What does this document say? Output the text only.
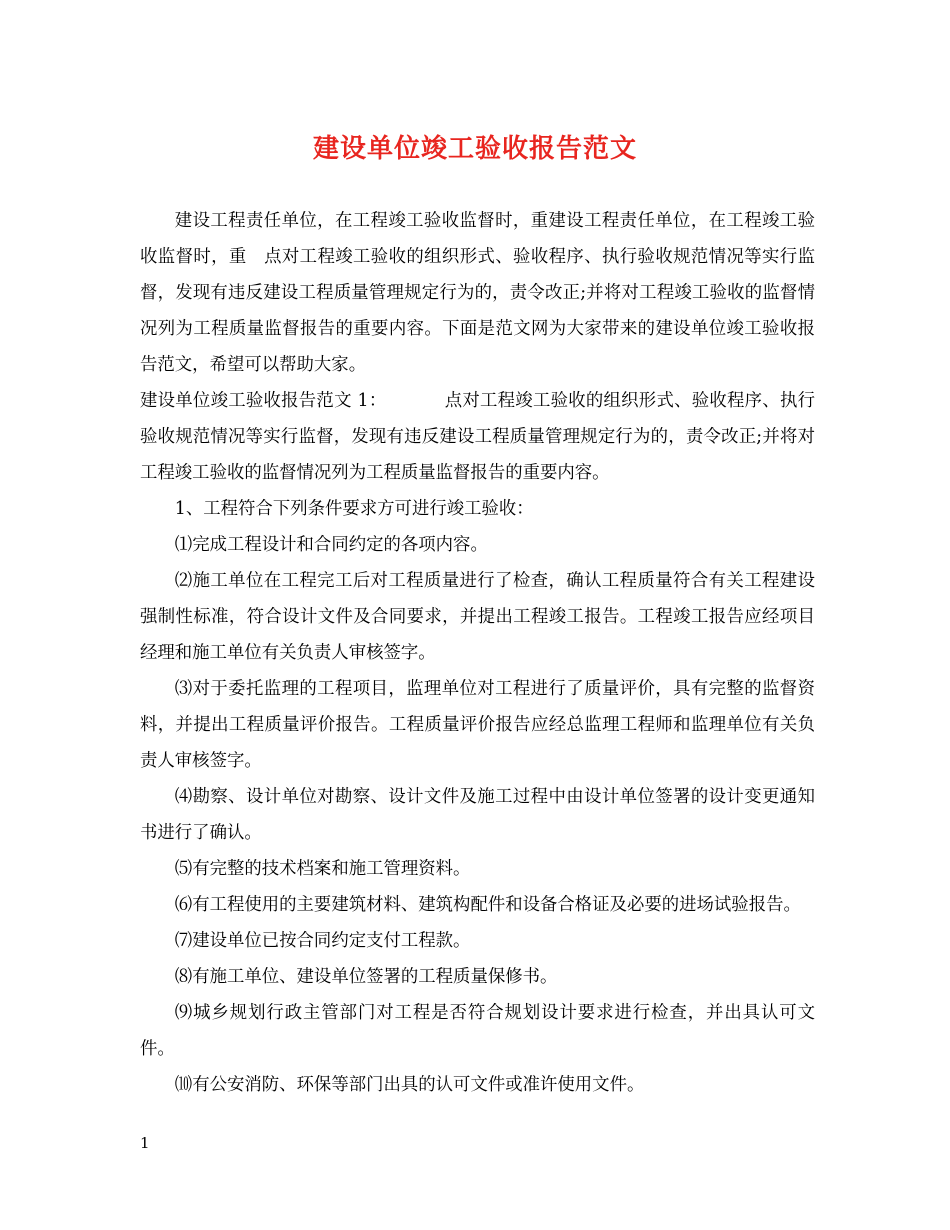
建设单位竣工验收报告范文

建设工程责任单位，在工程竣工验收监督时，重建设工程责任单位，在工程竣工验收监督时，重 点对工程竣工验收的组织形式、验收程序、执行验收规范情况等实行监督，发现有违反建设工程质量管理规定行为的，责令改正;并将对工程竣工验收的监督情况列为工程质量监督报告的重要内容。下面是范文网为大家带来的建设单位竣工验收报告范文，希望可以帮助大家。

建设单位竣工验收报告范文 1：	点对工程竣工验收的组织形式、验收程序、执行验收规范情况等实行监督，发现有违反建设工程质量管理规定行为的，责令改正;并将对工程竣工验收的监督情况列为工程质量监督报告的重要内容。

1、工程符合下列条件要求方可进行竣工验收：

⑴完成工程设计和合同约定的各项内容。

⑵施工单位在工程完工后对工程质量进行了检查，确认工程质量符合有关工程建设强制性标准，符合设计文件及合同要求，并提出工程竣工报告。工程竣工报告应经项目经理和施工单位有关负责人审核签字。

⑶对于委托监理的工程项目，监理单位对工程进行了质量评价，具有完整的监督资料，并提出工程质量评价报告。工程质量评价报告应经总监理工程师和监理单位有关负责人审核签字。

⑷勘察、设计单位对勘察、设计文件及施工过程中由设计单位签署的设计变更通知书进行了确认。

⑸有完整的技术档案和施工管理资料。

⑹有工程使用的主要建筑材料、建筑构配件和设备合格证及必要的进场试验报告。

⑺建设单位已按合同约定支付工程款。

⑻有施工单位、建设单位签署的工程质量保修书。

⑼城乡规划行政主管部门对工程是否符合规划设计要求进行检查，并出具认可文件。

⑽有公安消防、环保等部门出具的认可文件或准许使用文件。

1
